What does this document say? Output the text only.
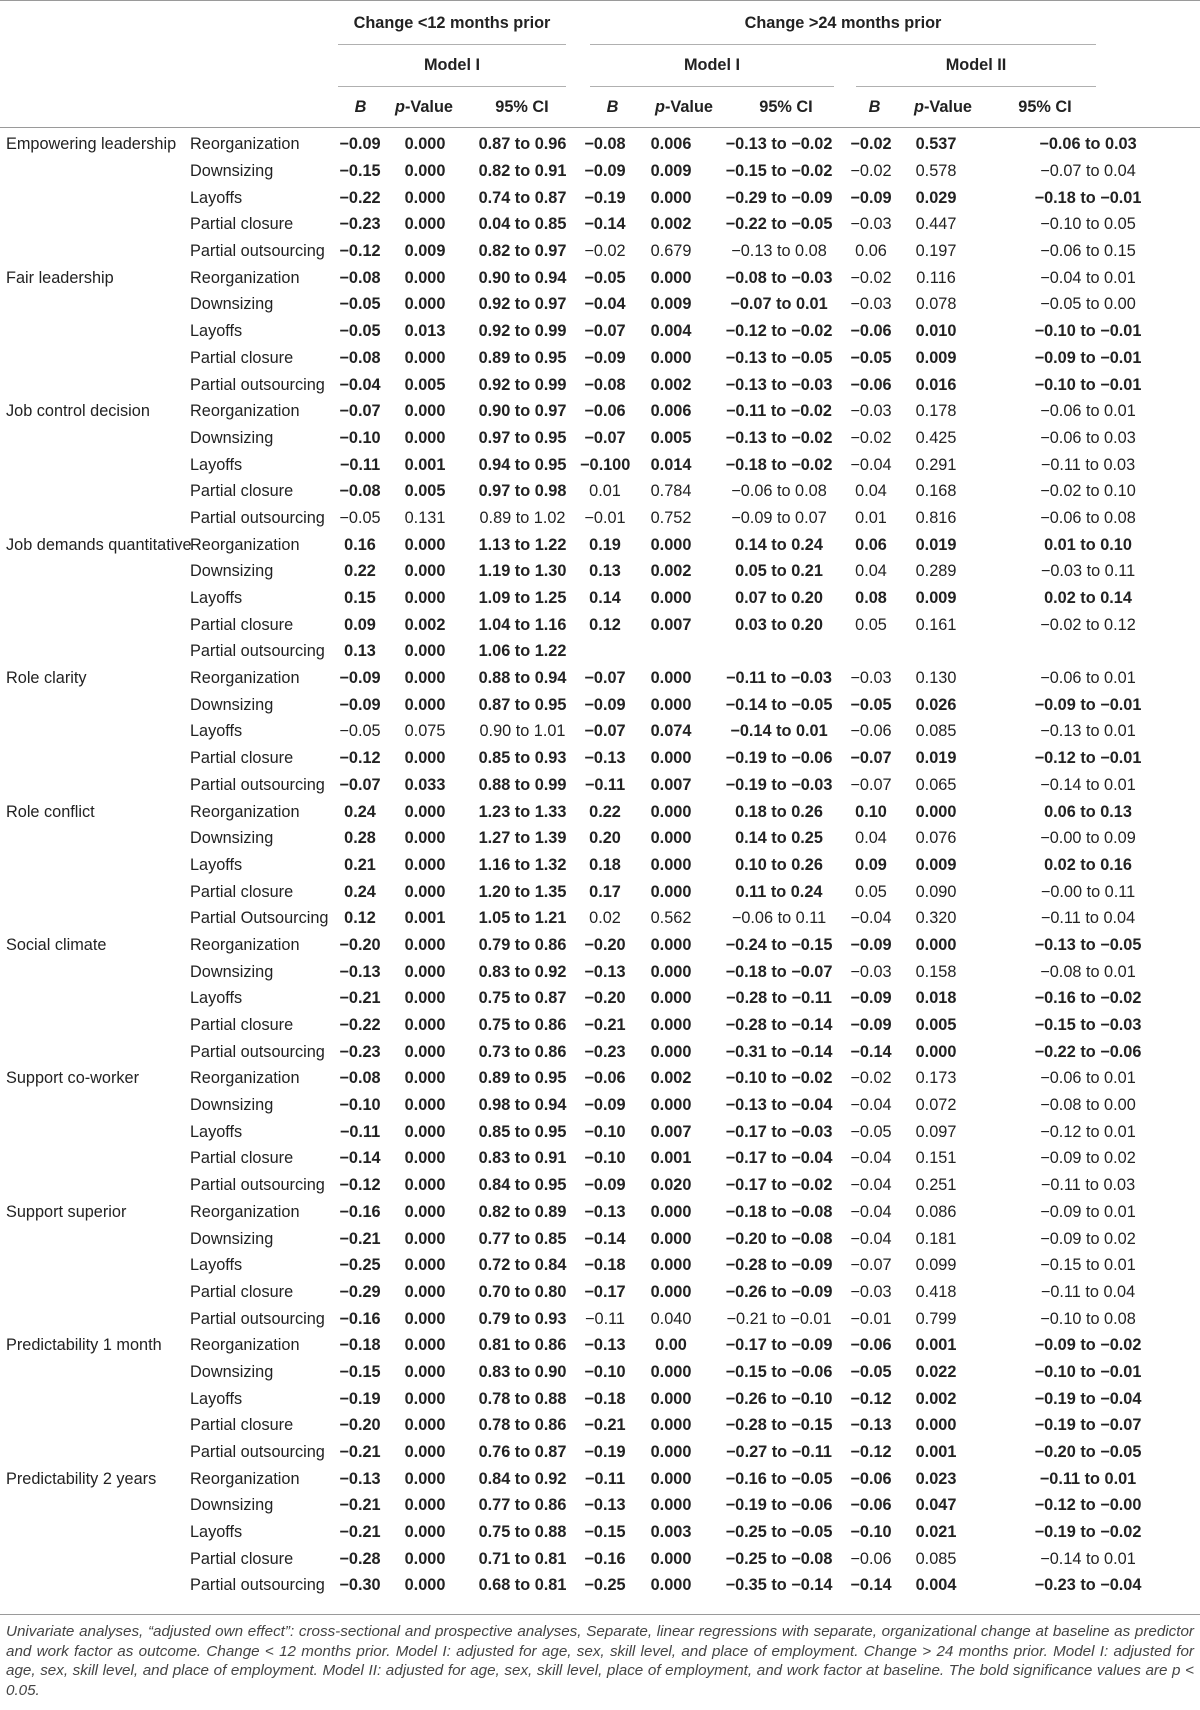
Change <12 months prior	Change >24 months prior
Model I	Model I	Model II
B	p-Value	95% CI	B	p-Value	95% CI	B	p-Value	95% CI
Empowering leadership	Reorganization	−0.09	0.000	0.87 to 0.96	−0.08	0.006	−0.13 to −0.02	−0.02	0.537	−0.06 to 0.03
	Downsizing	−0.15	0.000	0.82 to 0.91	−0.09	0.009	−0.15 to −0.02	−0.02	0.578	−0.07 to 0.04
	Layoffs	−0.22	0.000	0.74 to 0.87	−0.19	0.000	−0.29 to −0.09	−0.09	0.029	−0.18 to −0.01
	Partial closure	−0.23	0.000	0.04 to 0.85	−0.14	0.002	−0.22 to −0.05	−0.03	0.447	−0.10 to 0.05
	Partial outsourcing	−0.12	0.009	0.82 to 0.97	−0.02	0.679	−0.13 to 0.08	0.06	0.197	−0.06 to 0.15
Fair leadership	Reorganization	−0.08	0.000	0.90 to 0.94	−0.05	0.000	−0.08 to −0.03	−0.02	0.116	−0.04 to 0.01
	Downsizing	−0.05	0.000	0.92 to 0.97	−0.04	0.009	−0.07 to 0.01	−0.03	0.078	−0.05 to 0.00
	Layoffs	−0.05	0.013	0.92 to 0.99	−0.07	0.004	−0.12 to −0.02	−0.06	0.010	−0.10 to −0.01
	Partial closure	−0.08	0.000	0.89 to 0.95	−0.09	0.000	−0.13 to −0.05	−0.05	0.009	−0.09 to −0.01
	Partial outsourcing	−0.04	0.005	0.92 to 0.99	−0.08	0.002	−0.13 to −0.03	−0.06	0.016	−0.10 to −0.01
Job control decision	Reorganization	−0.07	0.000	0.90 to 0.97	−0.06	0.006	−0.11 to −0.02	−0.03	0.178	−0.06 to 0.01
	Downsizing	−0.10	0.000	0.97 to 0.95	−0.07	0.005	−0.13 to −0.02	−0.02	0.425	−0.06 to 0.03
	Layoffs	−0.11	0.001	0.94 to 0.95	−0.100	0.014	−0.18 to −0.02	−0.04	0.291	−0.11 to 0.03
	Partial closure	−0.08	0.005	0.97 to 0.98	0.01	0.784	−0.06 to 0.08	0.04	0.168	−0.02 to 0.10
	Partial outsourcing	−0.05	0.131	0.89 to 1.02	−0.01	0.752	−0.09 to 0.07	0.01	0.816	−0.06 to 0.08
Job demands quantitative	Reorganization	0.16	0.000	1.13 to 1.22	0.19	0.000	0.14 to 0.24	0.06	0.019	0.01 to 0.10
	Downsizing	0.22	0.000	1.19 to 1.30	0.13	0.002	0.05 to 0.21	0.04	0.289	−0.03 to 0.11
	Layoffs	0.15	0.000	1.09 to 1.25	0.14	0.000	0.07 to 0.20	0.08	0.009	0.02 to 0.14
	Partial closure	0.09	0.002	1.04 to 1.16	0.12	0.007	0.03 to 0.20	0.05	0.161	−0.02 to 0.12
	Partial outsourcing	0.13	0.000	1.06 to 1.22						
Role clarity	Reorganization	−0.09	0.000	0.88 to 0.94	−0.07	0.000	−0.11 to −0.03	−0.03	0.130	−0.06 to 0.01
	Downsizing	−0.09	0.000	0.87 to 0.95	−0.09	0.000	−0.14 to −0.05	−0.05	0.026	−0.09 to −0.01
	Layoffs	−0.05	0.075	0.90 to 1.01	−0.07	0.074	−0.14 to 0.01	−0.06	0.085	−0.13 to 0.01
	Partial closure	−0.12	0.000	0.85 to 0.93	−0.13	0.000	−0.19 to −0.06	−0.07	0.019	−0.12 to −0.01
	Partial outsourcing	−0.07	0.033	0.88 to 0.99	−0.11	0.007	−0.19 to −0.03	−0.07	0.065	−0.14 to 0.01
Role conflict	Reorganization	0.24	0.000	1.23 to 1.33	0.22	0.000	0.18 to 0.26	0.10	0.000	0.06 to 0.13
	Downsizing	0.28	0.000	1.27 to 1.39	0.20	0.000	0.14 to 0.25	0.04	0.076	−0.00 to 0.09
	Layoffs	0.21	0.000	1.16 to 1.32	0.18	0.000	0.10 to 0.26	0.09	0.009	0.02 to 0.16
	Partial closure	0.24	0.000	1.20 to 1.35	0.17	0.000	0.11 to 0.24	0.05	0.090	−0.00 to 0.11
	Partial Outsourcing	0.12	0.001	1.05 to 1.21	0.02	0.562	−0.06 to 0.11	−0.04	0.320	−0.11 to 0.04
Social climate	Reorganization	−0.20	0.000	0.79 to 0.86	−0.20	0.000	−0.24 to −0.15	−0.09	0.000	−0.13 to −0.05
	Downsizing	−0.13	0.000	0.83 to 0.92	−0.13	0.000	−0.18 to −0.07	−0.03	0.158	−0.08 to 0.01
	Layoffs	−0.21	0.000	0.75 to 0.87	−0.20	0.000	−0.28 to −0.11	−0.09	0.018	−0.16 to −0.02
	Partial closure	−0.22	0.000	0.75 to 0.86	−0.21	0.000	−0.28 to −0.14	−0.09	0.005	−0.15 to −0.03
	Partial outsourcing	−0.23	0.000	0.73 to 0.86	−0.23	0.000	−0.31 to −0.14	−0.14	0.000	−0.22 to −0.06
Support co-worker	Reorganization	−0.08	0.000	0.89 to 0.95	−0.06	0.002	−0.10 to −0.02	−0.02	0.173	−0.06 to 0.01
	Downsizing	−0.10	0.000	0.98 to 0.94	−0.09	0.000	−0.13 to −0.04	−0.04	0.072	−0.08 to 0.00
	Layoffs	−0.11	0.000	0.85 to 0.95	−0.10	0.007	−0.17 to −0.03	−0.05	0.097	−0.12 to 0.01
	Partial closure	−0.14	0.000	0.83 to 0.91	−0.10	0.001	−0.17 to −0.04	−0.04	0.151	−0.09 to 0.02
	Partial outsourcing	−0.12	0.000	0.84 to 0.95	−0.09	0.020	−0.17 to −0.02	−0.04	0.251	−0.11 to 0.03
Support superior	Reorganization	−0.16	0.000	0.82 to 0.89	−0.13	0.000	−0.18 to −0.08	−0.04	0.086	−0.09 to 0.01
	Downsizing	−0.21	0.000	0.77 to 0.85	−0.14	0.000	−0.20 to −0.08	−0.04	0.181	−0.09 to 0.02
	Layoffs	−0.25	0.000	0.72 to 0.84	−0.18	0.000	−0.28 to −0.09	−0.07	0.099	−0.15 to 0.01
	Partial closure	−0.29	0.000	0.70 to 0.80	−0.17	0.000	−0.26 to −0.09	−0.03	0.418	−0.11 to 0.04
	Partial outsourcing	−0.16	0.000	0.79 to 0.93	−0.11	0.040	−0.21 to −0.01	−0.01	0.799	−0.10 to 0.08
Predictability 1 month	Reorganization	−0.18	0.000	0.81 to 0.86	−0.13	0.00	−0.17 to −0.09	−0.06	0.001	−0.09 to −0.02
	Downsizing	−0.15	0.000	0.83 to 0.90	−0.10	0.000	−0.15 to −0.06	−0.05	0.022	−0.10 to −0.01
	Layoffs	−0.19	0.000	0.78 to 0.88	−0.18	0.000	−0.26 to −0.10	−0.12	0.002	−0.19 to −0.04
	Partial closure	−0.20	0.000	0.78 to 0.86	−0.21	0.000	−0.28 to −0.15	−0.13	0.000	−0.19 to −0.07
	Partial outsourcing	−0.21	0.000	0.76 to 0.87	−0.19	0.000	−0.27 to −0.11	−0.12	0.001	−0.20 to −0.05
Predictability 2 years	Reorganization	−0.13	0.000	0.84 to 0.92	−0.11	0.000	−0.16 to −0.05	−0.06	0.023	−0.11 to 0.01
	Downsizing	−0.21	0.000	0.77 to 0.86	−0.13	0.000	−0.19 to −0.06	−0.06	0.047	−0.12 to −0.00
	Layoffs	−0.21	0.000	0.75 to 0.88	−0.15	0.003	−0.25 to −0.05	−0.10	0.021	−0.19 to −0.02
	Partial closure	−0.28	0.000	0.71 to 0.81	−0.16	0.000	−0.25 to −0.08	−0.06	0.085	−0.14 to 0.01
	Partial outsourcing	−0.30	0.000	0.68 to 0.81	−0.25	0.000	−0.35 to −0.14	−0.14	0.004	−0.23 to −0.04
Univariate analyses, “adjusted own effect”: cross-sectional and prospective analyses, Separate, linear regressions with separate, organizational change at baseline as predictor and work factor as outcome. Change < 12 months prior. Model I: adjusted for age, sex, skill level, and place of employment. Change > 24 months prior. Model I: adjusted for age, sex, skill level, and place of employment. Model II: adjusted for age, sex, skill level, place of employment, and work factor at baseline. The bold significance values are p < 0.05.
